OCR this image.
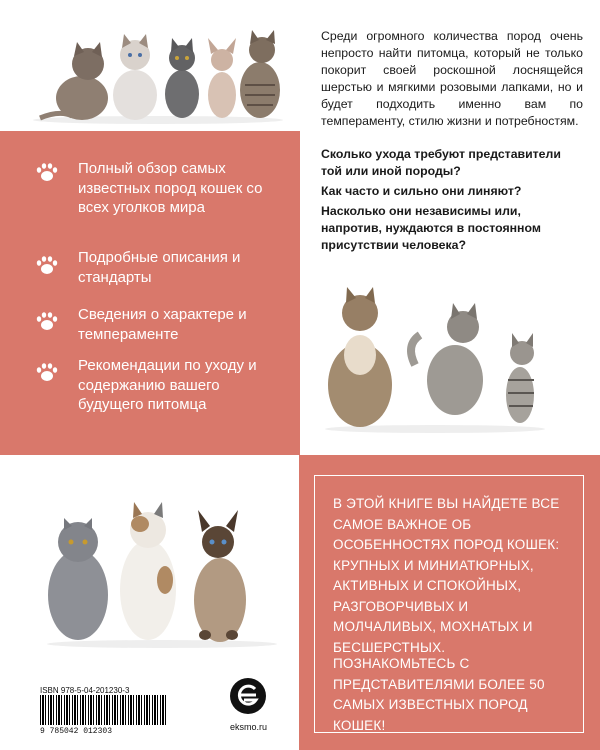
Полный обзор самых известных пород кошек со всех уголков мира
Подробные описания и стандарты
Сведения о характере и темпераменте
Рекомендации по уходу и содержанию вашего будущего питомца
Среди огромного количества пород очень непросто найти питомца, который не только покорит своей роскошной лоснящейся шерстью и мягкими розовыми лапками, но и будет подходить именно вам по темпераменту, стилю жизни и потребностям.
Сколько ухода требуют представители той или иной породы?
Как часто и сильно они линяют?
Насколько они независимы или, напротив, нуждаются в постоянном присутствии человека?
В ЭТОЙ КНИГЕ ВЫ НАЙДЕТЕ ВСЕ САМОЕ ВАЖНОЕ ОБ ОСОБЕННОСТЯХ ПОРОД КОШЕК: КРУПНЫХ И МИНИАТЮРНЫХ, АКТИВНЫХ И СПОКОЙНЫХ, РАЗГОВОРЧИВЫХ И МОЛЧАЛИВЫХ, МОХНАТЫХ И БЕСШЕРСТНЫХ.
ПОЗНАКОМЬТЕСЬ С ПРЕДСТАВИТЕЛЯМИ БОЛЕЕ 50 САМЫХ ИЗВЕСТНЫХ ПОРОД КОШЕК!
ISBN 978-5-04-201230-3
9 785042 012303	eksmo.ru
